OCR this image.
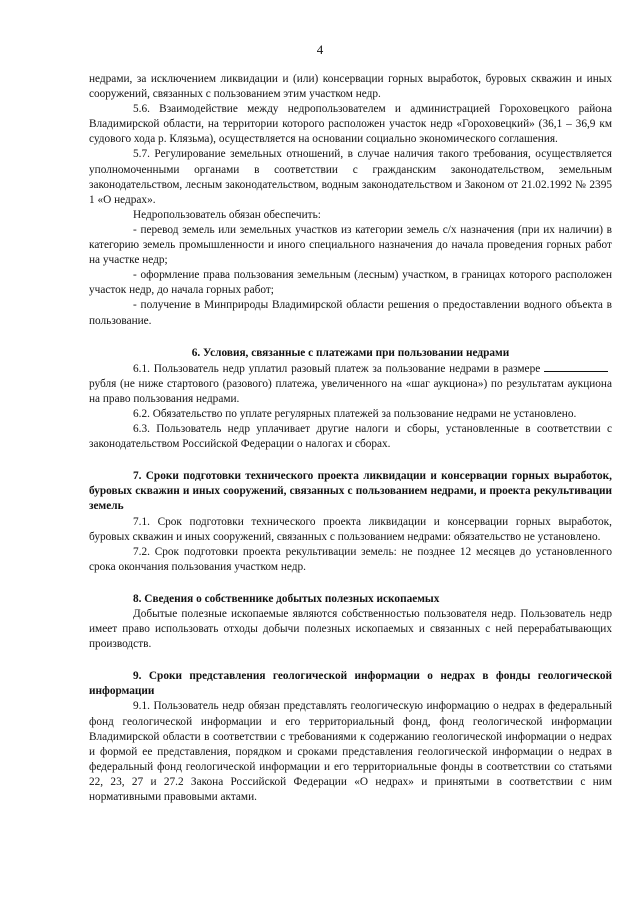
4

недрами, за исключением ликвидации и (или) консервации горных выработок, буровых скважин и иных сооружений, связанных с пользованием этим участком недр.

5.6. Взаимодействие между недропользователем и администрацией Гороховецкого района Владимирской области, на территории которого расположен участок недр «Гороховецкий» (36,1 – 36,9 км судового хода р. Клязьма), осуществляется на основании социально экономического соглашения.

5.7. Регулирование земельных отношений, в случае наличия такого требования, осуществляется уполномоченными органами в соответствии с гражданским законодательством, земельным законодательством, лесным законодательством, водным законодательством и Законом от 21.02.1992 № 2395 1 «О недрах».

Недропользователь обязан обеспечить:

- перевод земель или земельных участков из категории земель с/х назначения (при их наличии) в категорию земель промышленности и иного специального назначения до начала проведения горных работ на участке недр;

- оформление права пользования земельным (лесным) участком, в границах которого расположен участок недр, до начала горных работ;

- получение в Минприроды Владимирской области решения о предоставлении водного объекта в пользование.

6. Условия, связанные с платежами при пользовании недрами

6.1. Пользователь недр уплатил разовый платеж за пользование недрами в размере рубля (не ниже стартового (разового) платежа, увеличенного на «шаг аукциона») по результатам аукциона на право пользования недрами.

6.2. Обязательство по уплате регулярных платежей за пользование недрами не установлено.

6.3. Пользователь недр уплачивает другие налоги и сборы, установленные в соответствии с законодательством Российской Федерации о налогах и сборах.

7. Сроки подготовки технического проекта ликвидации и консервации горных выработок, буровых скважин и иных сооружений, связанных с пользованием недрами, и проекта рекультивации земель

7.1. Срок подготовки технического проекта ликвидации и консервации горных выработок, буровых скважин и иных сооружений, связанных с пользованием недрами: обязательство не установлено.

7.2. Срок подготовки проекта рекультивации земель: не позднее 12 месяцев до установленного срока окончания пользования участком недр.

8. Сведения о собственнике добытых полезных ископаемых

Добытые полезные ископаемые являются собственностью пользователя недр. Пользователь недр имеет право использовать отходы добычи полезных ископаемых и связанных с ней перерабатывающих производств.

9. Сроки представления геологической информации о недрах в фонды геологической информации

9.1. Пользователь недр обязан представлять геологическую информацию о недрах в федеральный фонд геологической информации и его территориальный фонд, фонд геологической информации Владимирской области в соответствии с требованиями к содержанию геологической информации о недрах и формой ее представления, порядком и сроками представления геологической информации о недрах в федеральный фонд геологической информации и его территориальные фонды в соответствии со статьями 22, 23, 27 и 27.2 Закона Российской Федерации «О недрах» и принятыми в соответствии с ним нормативными правовыми актами.
